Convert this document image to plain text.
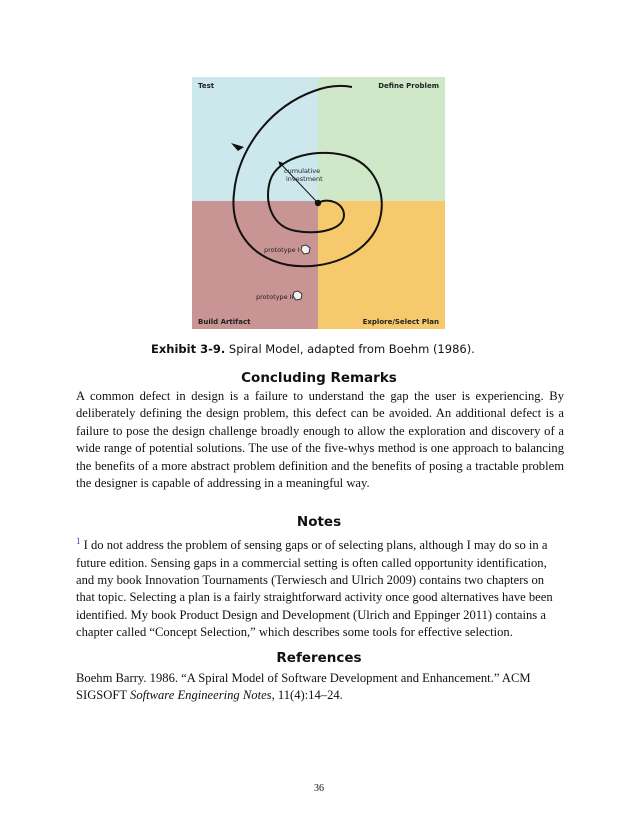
Test	Define Problem
Build Artifact	Explore/Select Plan
cumulative
investment
prototype I
prototype II
Exhibit 3-9. Spiral Model, adapted from Boehm (1986).
Concluding Remarks

A common defect in design is a failure to understand the gap the user is experiencing. By deliberately defining the design problem, this defect can be avoided. An additional defect is a failure to pose the design challenge broadly enough to allow the exploration and discovery of a wide range of potential solutions. The use of the five-whys method is one approach to balancing the benefits of a more abstract problem definition and the benefits of posing a tractable problem the designer is capable of addressing in a meaningful way.

Notes

$^1$ I do not address the problem of sensing gaps or of selecting plans, although I may do so in a future edition. Sensing gaps in a commercial setting is often called opportunity identification, and my book Innovation Tournaments (Terwiesch and Ulrich 2009) contains two chapters on that topic. Selecting a plan is a fairly straightforward activity once good alternatives have been identified. My book Product Design and Development (Ulrich and Eppinger 2011) contains a chapter called “Concept Selection,” which describes some tools for effective selection.

References

Boehm Barry. 1986. “A Spiral Model of Software Development and Enhancement.” ACM SIGSOFT Software Engineering Notes, 11(4):14–24.

36
